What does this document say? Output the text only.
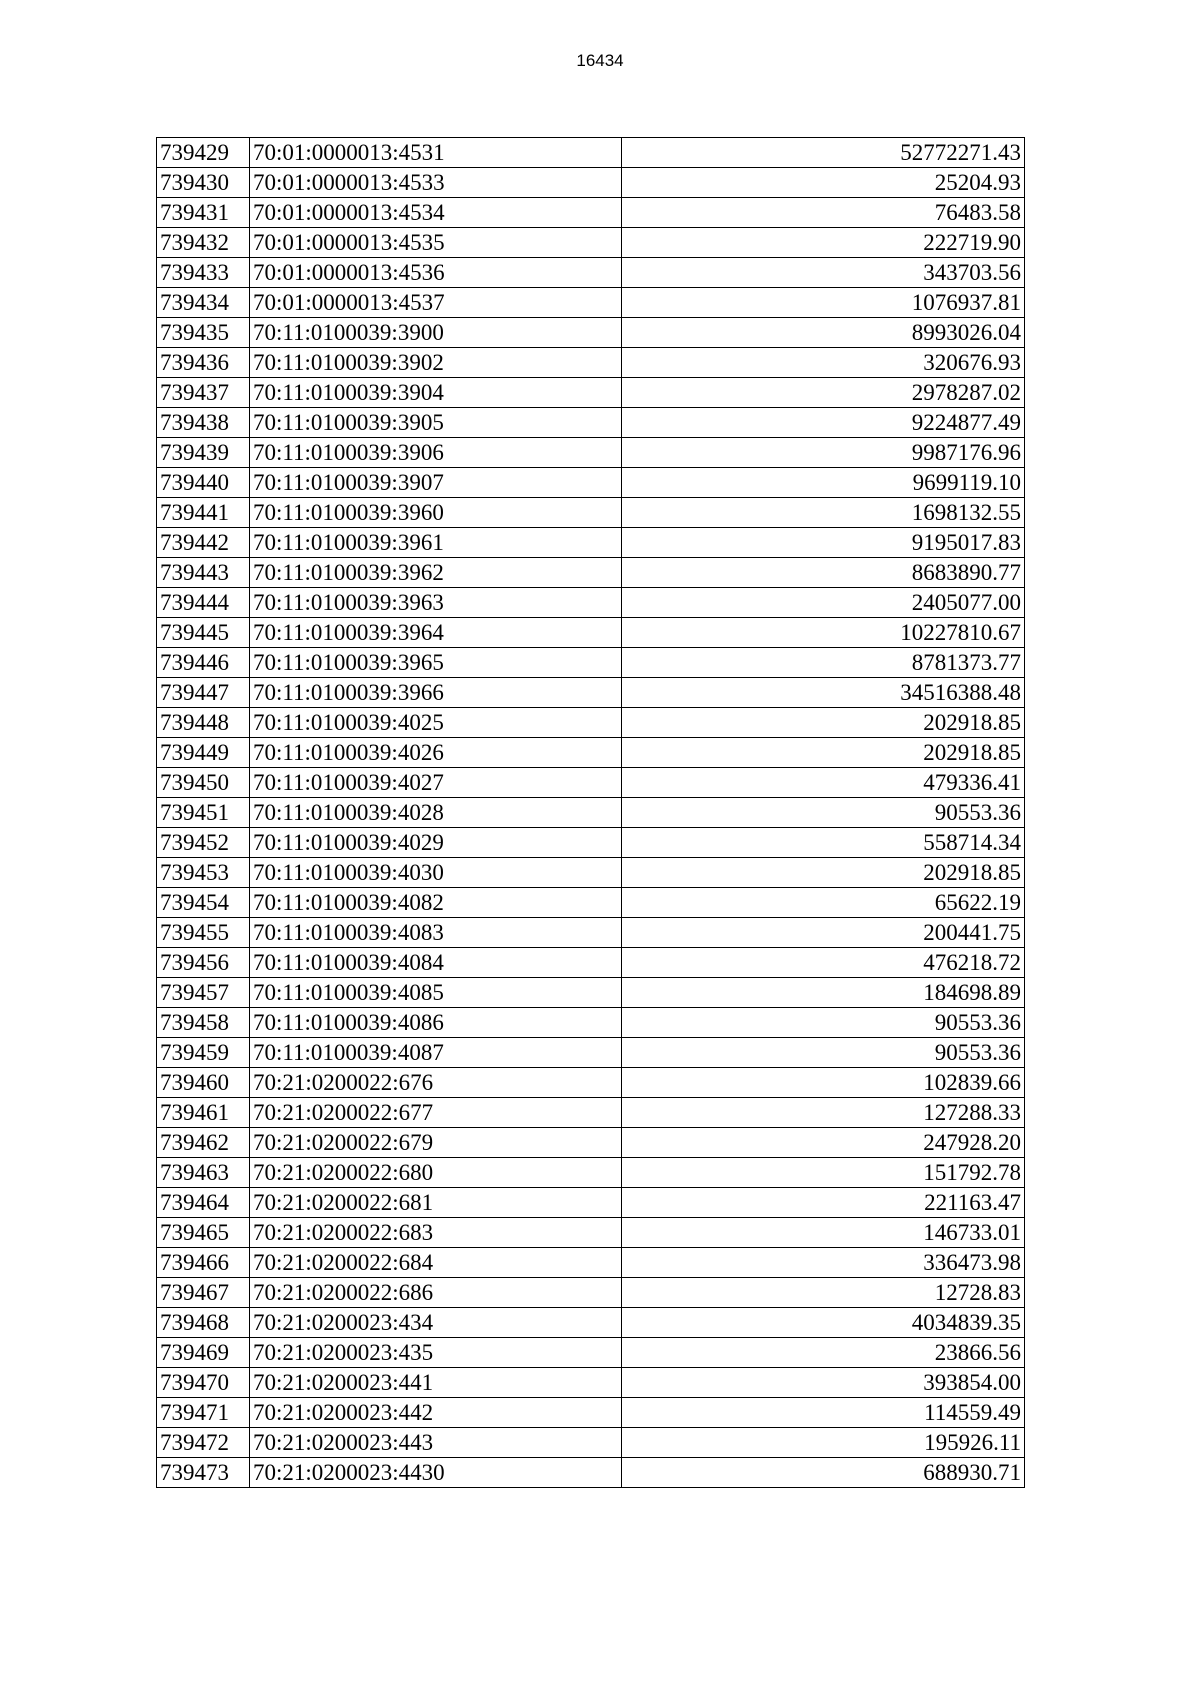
16434
739429	70:01:0000013:4531	52772271.43
739430	70:01:0000013:4533	25204.93
739431	70:01:0000013:4534	76483.58
739432	70:01:0000013:4535	222719.90
739433	70:01:0000013:4536	343703.56
739434	70:01:0000013:4537	1076937.81
739435	70:11:0100039:3900	8993026.04
739436	70:11:0100039:3902	320676.93
739437	70:11:0100039:3904	2978287.02
739438	70:11:0100039:3905	9224877.49
739439	70:11:0100039:3906	9987176.96
739440	70:11:0100039:3907	9699119.10
739441	70:11:0100039:3960	1698132.55
739442	70:11:0100039:3961	9195017.83
739443	70:11:0100039:3962	8683890.77
739444	70:11:0100039:3963	2405077.00
739445	70:11:0100039:3964	10227810.67
739446	70:11:0100039:3965	8781373.77
739447	70:11:0100039:3966	34516388.48
739448	70:11:0100039:4025	202918.85
739449	70:11:0100039:4026	202918.85
739450	70:11:0100039:4027	479336.41
739451	70:11:0100039:4028	90553.36
739452	70:11:0100039:4029	558714.34
739453	70:11:0100039:4030	202918.85
739454	70:11:0100039:4082	65622.19
739455	70:11:0100039:4083	200441.75
739456	70:11:0100039:4084	476218.72
739457	70:11:0100039:4085	184698.89
739458	70:11:0100039:4086	90553.36
739459	70:11:0100039:4087	90553.36
739460	70:21:0200022:676	102839.66
739461	70:21:0200022:677	127288.33
739462	70:21:0200022:679	247928.20
739463	70:21:0200022:680	151792.78
739464	70:21:0200022:681	221163.47
739465	70:21:0200022:683	146733.01
739466	70:21:0200022:684	336473.98
739467	70:21:0200022:686	12728.83
739468	70:21:0200023:434	4034839.35
739469	70:21:0200023:435	23866.56
739470	70:21:0200023:441	393854.00
739471	70:21:0200023:442	114559.49
739472	70:21:0200023:443	195926.11
739473	70:21:0200023:4430	688930.71
